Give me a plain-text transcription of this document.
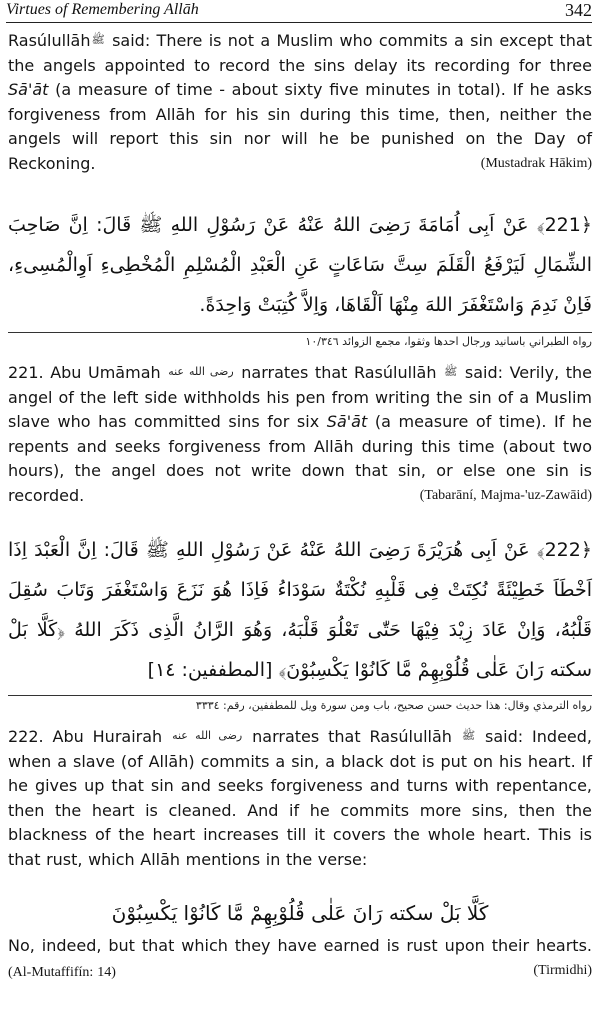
Virtues of Remembering Allāh	342
Rasúlullāhﷺ said: There is not a Muslim who commits a sin except that the angels appointed to record the sins delay its recording for three Sā'āt (a measure of time - about sixty five minutes in total). If he asks forgiveness from Allāh for his sin during this time, then, neither the angels will report this sin nor will he be punished on the Day of Reckoning.	(Mustadrak Hākim)
﴿221﴾ عَنْ اَبِى اُمَامَةَ رَضِىَ اللهُ عَنْهُ عَنْ رَسُوْلِ اللهِ ﷺ قَالَ: اِنَّ صَاحِبَ الشِّمَالِ لَيَرْفَعُ الْقَلَمَ سِتَّ سَاعَاتٍ عَنِ الْعَبْدِ الْمُسْلِمِ الْمُخْطِىءِ اَوِالْمُسِىءِ، فَاِنْ نَدِمَ وَاسْتَغْفَرَ اللهَ مِنْهَا اَلْقَاهَا، وَاِلاَّ كُتِبَتْ وَاحِدَةً.
رواه الطبراني باسانيد ورجال احدها وثقوا، مجمع الزوائد ١٠/٣٤٦
221. Abu Umāmah رضى الله عنه narrates that Rasúlullāh ﷺ said: Verily, the angel of the left side withholds his pen from writing the sin of a Muslim slave who has committed sins for six Sā'āt (a measure of time). If he repents and seeks forgiveness from Allāh during this time (about two hours), the angel does not write down that sin, or else one sin is recorded.	(Tabarāní, Majma-'uz-Zawāid)
﴿222﴾ عَنْ اَبِى هُرَيْرَةَ رَضِىَ اللهُ عَنْهُ عَنْ رَسُوْلِ اللهِ ﷺ قَالَ: اِنَّ الْعَبْدَ اِذَا اَخْطَاَ خَطِيْئَةً نُكِتَتْ فِى قَلْبِهِ نُكْتَةٌ سَوْدَاءُ فَاِذَا هُوَ نَزَعَ وَاسْتَغْفَرَ وَتَابَ سُقِلَ قَلْبُهُ، وَاِنْ عَادَ زِيْدَ فِيْهَا حَتّٰى تَعْلُوَ قَلْبَهُ، وَهُوَ الرَّانُ الَّذِى ذَكَرَ اللهُ ﴿كَلَّا بَلْ سكته رَانَ عَلٰى قُلُوْبِهِمْ مَّا كَانُوْا يَكْسِبُوْنَ﴾ [المطففين: ١٤]
رواه الترمذي وقال: هذا حديث حسن صحيح، باب ومن سورة ويل للمطففين، رقم: ٣٣٣٤
222. Abu Hurairah رضى الله عنه narrates that Rasúlullāh ﷺ said: Indeed, when a slave (of Allāh) commits a sin, a black dot is put on his heart. If he gives up that sin and seeks forgiveness and turns with repentance, then the heart is cleaned. And if he commits more sins, then the blackness of the heart increases till it covers the whole heart. This is that rust, which Allāh mentions in the verse:
كَلَّا بَلْ سكته رَانَ عَلٰى قُلُوْبِهِمْ مَّا كَانُوْا يَكْسِبُوْنَ
No, indeed, but that which they have earned is rust upon their hearts.(Al-Mutaffifín: 14)	(Tirmidhi)
